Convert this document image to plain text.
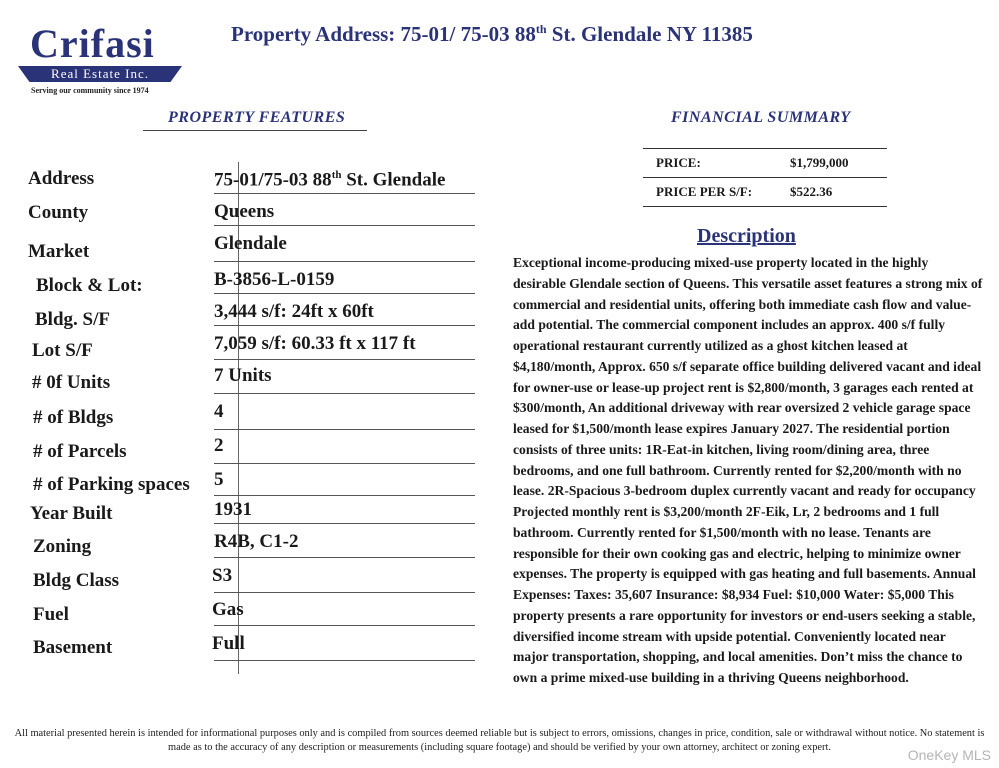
Crifasi
Real Estate Inc.
Serving our community since 1974
Property Address: 75-01/ 75-03 88th St. Glendale NY 11385
PROPERTY FEATURES	FINANCIAL SUMMARY
Address	75-01/75-03 88th St. Glendale
County	Queens
Market	Glendale
Block & Lot:	B-3856-L-0159
Bldg. S/F	3,444 s/f: 24ft x 60ft
Lot S/F	7,059 s/f: 60.33 ft x 117 ft
# 0f Units	7 Units
# of Bldgs	4
# of Parcels	2
# of Parking spaces 5
Year Built	1931
Zoning	R4B, C1-2
Bldg Class	S3
Fuel	Gas
Basement	Full
PRICE:	$1,799,000
PRICE PER S/F:	$522.36
Description
Exceptional income-producing mixed-use property located in the highly desirable Glendale section of Queens. This versatile asset features a strong mix of commercial and residential units, offering both immediate cash flow and value-add potential. The commercial component includes an approx. 400 s/f fully operational restaurant currently utilized as a ghost kitchen leased at $4,180/month, Approx. 650 s/f separate office building delivered vacant and ideal for owner-use or lease-up project rent is $2,800/month, 3 garages each rented at $300/month, An additional driveway with rear oversized 2 vehicle garage space leased for $1,500/month lease expires January 2027. The residential portion consists of three units: 1R-Eat-in kitchen, living room/dining area, three bedrooms, and one full bathroom. Currently rented for $2,200/month with no lease. 2R-Spacious 3-bedroom duplex currently vacant and ready for occupancy Projected monthly rent is $3,200/month 2F-Eik, Lr, 2 bedrooms and 1 full bathroom. Currently rented for $1,500/month with no lease. Tenants are responsible for their own cooking gas and electric, helping to minimize owner expenses. The property is equipped with gas heating and full basements. Annual Expenses: Taxes: 35,607 Insurance: $8,934 Fuel: $10,000 Water: $5,000 This property presents a rare opportunity for investors or end-users seeking a stable, diversified income stream with upside potential. Conveniently located near major transportation, shopping, and local amenities. Don’t miss the chance to own a prime mixed-use building in a thriving Queens neighborhood.
All material presented herein is intended for informational purposes only and is compiled from sources deemed reliable but is subject to errors, omissions, changes in price, condition, sale or withdrawal without notice. No statement is made as to the accuracy of any description or measurements (including square footage) and should be verified by your own attorney, architect or zoning expert.	OneKey MLS
